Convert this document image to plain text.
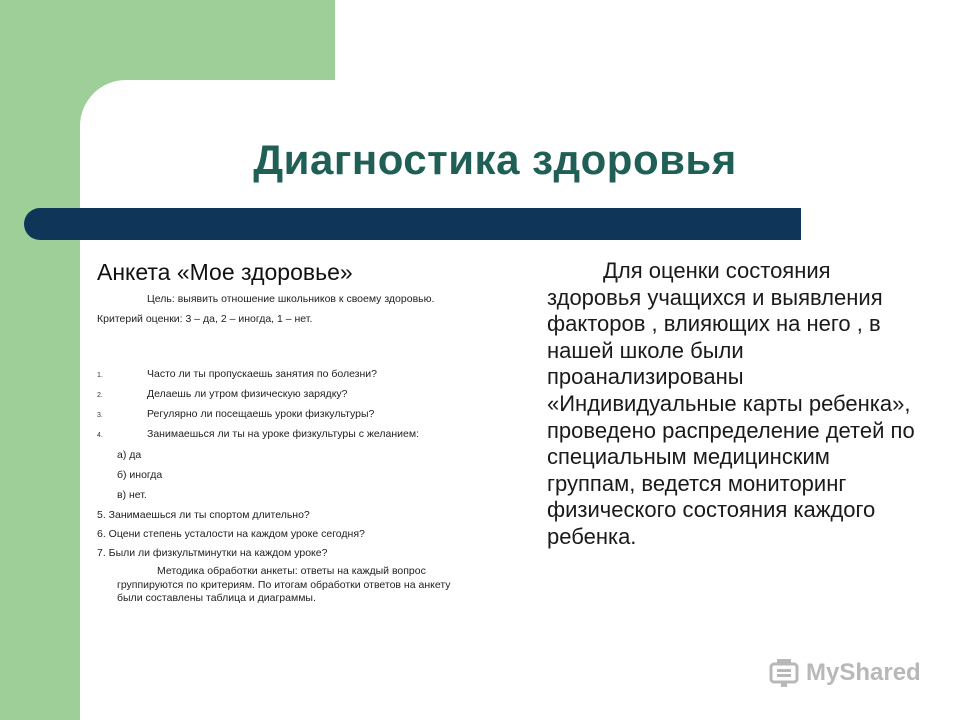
Диагностика здоровья
Анкета «Мое здоровье»
Цель: выявить отношение школьников к своему здоровью.
Критерий оценки: 3 – да, 2 – иногда, 1 – нет.
1.	Часто ли ты пропускаешь занятия по болезни?
2.	Делаешь ли утром физическую зарядку?
3.	Регулярно ли посещаешь уроки физкультуры?
4.	Занимаешься ли ты на уроке физкультуры с желанием:
а) да
б) иногда
в) нет.
5. Занимаешься ли ты спортом длительно?
6. Оцени степень усталости на каждом уроке сегодня?
7. Были ли физкультминутки на каждом уроке?
Методика обработки анкеты: ответы на каждый вопрос группируются по критериям. По итогам обработки ответов на анкету были составлены таблица и диаграммы.

Для оценки состояния здоровья учащихся и выявления факторов , влияющих на него , в нашей школе были проанализированы «Индивидуальные карты ребенка», проведено распределение детей по специальным медицинским группам, ведется мониторинг физического состояния каждого ребенка.

MyShared
